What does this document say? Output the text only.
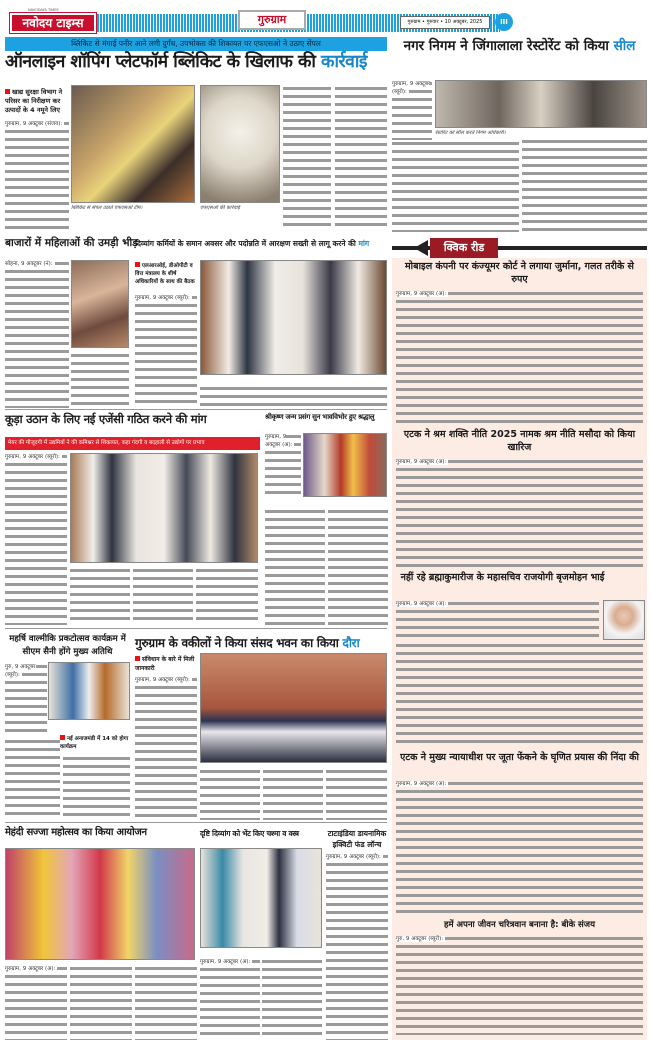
NAVODAYA TIMES
नवोदय टाइम्स	गुरुग्राम	गुरुग्राम • गुरुवार • 10 अक्टूबर, 2025	III
ब्लिंकिट से मंगाई पनीर आने लगी दुर्गंध, उपभोक्ता की शिकायत पर एफएसओ ने उठाए सेंपल
ऑनलाइन शॉपिंग प्लेटफॉर्म ब्लिंकिट के खिलाफ की कार्रवाई
खाद्य सुरक्षा विभाग ने परिसर का निरीक्षण कर उत्पादों के 4 नमूने लिए
गुरुग्राम, 9 अक्टूबर (संजय):
ब्लिंकिट से सेंपल उठाते एफएसओ टीम।	एफएसओ की कार्रवाई
नगर निगम ने जिंगालाला रेस्टोरेंट को किया सील
गुरुग्राम, 9 अक्टूबर (ब्यूरो):
रेस्टोरेंट को सील करते निगम अधिकारी।
बाजारों में महिलाओं की उमड़ी भीड़
सोहना, 9 अक्टूबर (नं):
दिव्यांग कर्मियों के समान अवसर और पदोन्नति में आरक्षण सख्ती से लागू करने की मांग
एलआरओई, डीओपीटी व वित्त मंत्रालय के शीर्ष अधिकारियों के साथ की बैठक
गुरुग्राम, 9 अक्टूबर (ब्यूरो):
क्विक रीड
मोबाइल कंपनी पर कंज्यूमर कोर्ट ने लगाया जुर्माना, गलत तरीके से रुपए
गुरुग्राम, 9 अक्टूबर (अ):
एटक ने श्रम शक्ति नीति 2025 नामक श्रम नीति मसौदा को किया खारिज
गुरुग्राम, 9 अक्टूबर (अ):
नहीं रहे ब्रह्माकुमारीज के महासचिव राजयोगी बृजमोहन भाई
गुरुग्राम, 9 अक्टूबर (अ):
एटक ने मुख्य न्यायाधीश पर जूता फेंकने के घृणित प्रयास की निंदा की
गुरुग्राम, 9 अक्टूबर (अ):
हमें अपना जीवन चरित्रवान बनाना है: बीके संजय
गुरु, 9 अक्टूबर (ब्यूरो):
कूड़ा उठान के लिए नई एजेंसी गठित करने की मांग
मेयर की मौजूदगी में उद्यमियों ने की कमिश्नर से शिकायत, कहा गंदगी व बदहाली से उद्योगों पर प्रभाव
गुरुग्राम, 9 अक्टूबर (ब्यूरो):
श्रीकृष्ण जन्म प्रसंग सुन भावविभोर हुए श्रद्धालु
गुरुग्राम, 9 अक्टूबर (अ):
महर्षि वाल्मीकि प्रकटोत्सव कार्यक्रम में सीएम सैनी होंगे मुख्य अतिथि
गुरु, 9 अक्टूबर (ब्यूरो):
नई अनाजमंडी में 14 को होगा कार्यक्रम
गुरुग्राम के वकीलों ने किया संसद भवन का किया दौरा
संविधान के बारे में मिली जानकारी
गुरुग्राम, 9 अक्टूबर (ब्यूरो):
मेहंदी सज्जा महोत्सव का किया आयोजन
गुरुग्राम, 9 अक्टूबर (अ):
दृष्टि दिव्यांग को भेंट किए चश्मा व वस्त्र
गुरुग्राम, 9 अक्टूबर (अ):
टाटाइंडिया डायनामिक इक्विटी फंड लॉन्च
गुरुग्राम, 9 अक्टूबर (ब्यूरो):
